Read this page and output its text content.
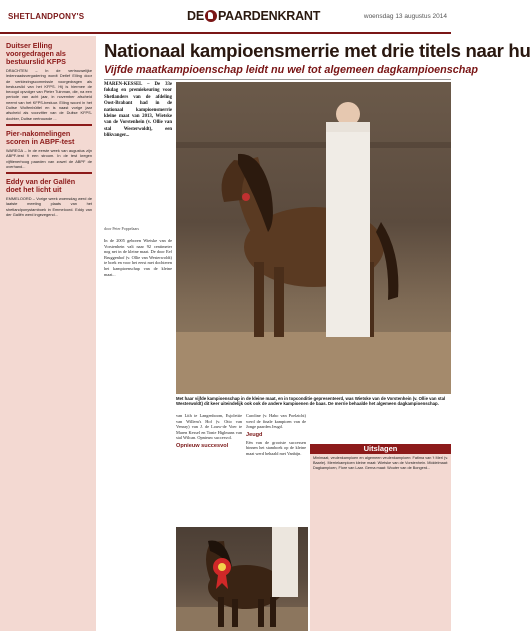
SHETLANDPONY'S	DE PAARDENKRANT	woensdag 13 augustus 2014
Duitser Elling voorgedragen als bestuurslid KFPS
DRACHTEN – In de vertrouwelijke ledenraadsvergadering wordt Detlef Elling door de verkiezingscommissie voorgedragen als bestuurslid van het KFPS. Hij is hiermee de beoogd opvolger van Pieter Tuinman, die, na een periode van acht jaar, in november afscheid neemt van het KFPS-bestuur. Elling woont in het Duitse Wolfenbüttel en is naast vorige jaar afscheid als voorzitter van de Duitse KFPS-dochter, Duitse vertrouwde ...
Pier-nakomelingen scoren in ABPF-test
WAREGA – In de eerste week van augustus zijn ABPF-test 9 een stroom. In de test kregen vijftienerhoog paarden van zowel de ABPF de overhand...
Eddy van der Gallën doet het licht uit
EMMELOORD – Vorige week woensdag werd de laatste meeting plaats van het shetlandponystamboek in Emmeloord. Eddy van der Gallën werd ingezegend...
Nationaal kampioensmerrie met drie titels naar hu
Vijfde maatkampioenschap leidt nu wel tot algemeen dagkampioenschap
MAREN-KESSEL – De 33e fokdag en premiekeuring voor Shetlanders van de afdeling Oost-Brabant had in de nationaal kampioensmerrie kleine maat van 2013, Wietske van de Vorstenhein (v. Ollie van stal Westerwoldt), een blikvanger...
door Peter Poppelaars

In de 2005 geboren Wietske van de Vorstenhein valt naar 92 centimeter nog net in de kleine maat. De door Eef Bruggenhof (v. Ollie van Westerwoldt) te boek en voor het eerst met dochteren het kampioenschap van de kleine maat...

Met haar vijfde kampioenschap in de kleine maat, en in topconditie gepresenteerd, was Wietske van de Vorstenhein (v. Ollie van stal Westerwoldt) dit keer uiteindelijk ook ook de andere kampioenen de baas. De merrie behaalde het algemeen dagkampioenschap.

van Lith te Langenboom, Esjolettie van Willem's Hof (v. Otto van Venray) van J. de Louw-de Voer te Maren Kessel en Tonie Higlmans van stal Wilcan. Opnieuw succesvol.

Opnieuw succesvol

Caroline (v. Habo van Poelzicht) werd de finale kampioen van de Jonge paarden Jeugd.

Jeugd

Eén van de grootste successen binnen het stamboek op de kleine maat werd behaald met Vanbijn.

Uitslagen
Minimaat, veulenkampioen en algemeen veulenkampioen: Fatima van 't Merl (v. Baarle). Merriekampioen kleine maat: Wietske van de Vorstenhein. Middelmaat: Dagkampioen, Flore van Laar. Gerna maat: Wouter van de Bongerd...
